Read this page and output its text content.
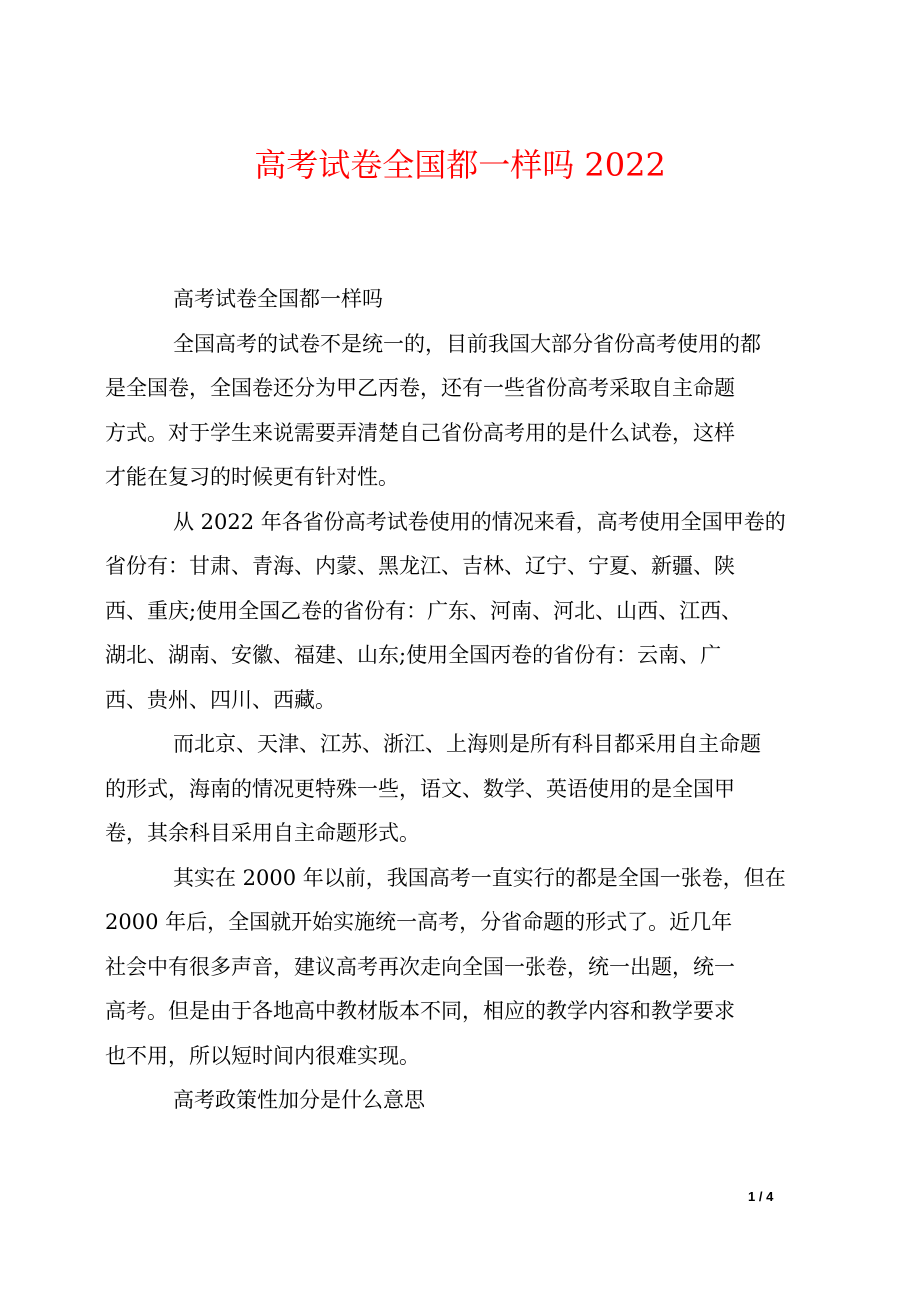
高考试卷全国都一样吗 2022

高考试卷全国都一样吗

全国高考的试卷不是统一的，目前我国大部分省份高考使用的都
是全国卷，全国卷还分为甲乙丙卷，还有一些省份高考采取自主命题
方式。对于学生来说需要弄清楚自己省份高考用的是什么试卷，这样
才能在复习的时候更有针对性。

从 2022 年各省份高考试卷使用的情况来看，高考使用全国甲卷的
省份有：甘肃、青海、内蒙、黑龙江、吉林、辽宁、宁夏、新疆、陕
西、重庆;使用全国乙卷的省份有：广东、河南、河北、山西、江西、
湖北、湖南、安徽、福建、山东;使用全国丙卷的省份有：云南、广
西、贵州、四川、西藏。

而北京、天津、江苏、浙江、上海则是所有科目都采用自主命题
的形式，海南的情况更特殊一些，语文、数学、英语使用的是全国甲
卷，其余科目采用自主命题形式。

其实在 2000 年以前，我国高考一直实行的都是全国一张卷，但在
2000 年后，全国就开始实施统一高考，分省命题的形式了。近几年
社会中有很多声音，建议高考再次走向全国一张卷，统一出题，统一
高考。但是由于各地高中教材版本不同，相应的教学内容和教学要求
也不用，所以短时间内很难实现。

高考政策性加分是什么意思

1 / 4
